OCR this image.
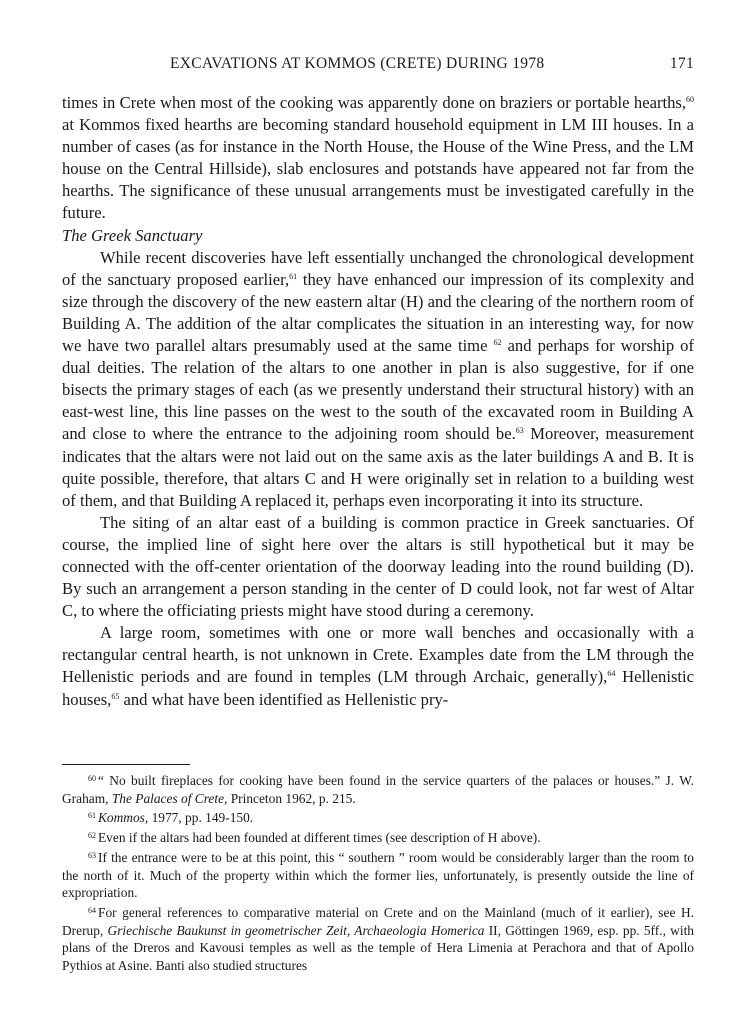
EXCAVATIONS AT KOMMOS (CRETE) DURING 1978	171

times in Crete when most of the cooking was apparently done on braziers or portable hearths,$^{60}$ at Kommos fixed hearths are becoming standard household equipment in LM III houses. In a number of cases (as for instance in the North House, the House of the Wine Press, and the LM house on the Central Hillside), slab enclosures and potstands have appeared not far from the hearths. The significance of these unusual arrangements must be investigated carefully in the future.

The Greek Sanctuary

While recent discoveries have left essentially unchanged the chronological development of the sanctuary proposed earlier,$^{61}$ they have enhanced our impression of its complexity and size through the discovery of the new eastern altar (H) and the clearing of the northern room of Building A. The addition of the altar complicates the situation in an interesting way, for now we have two parallel altars presumably used at the same time $^{62}$ and perhaps for worship of dual deities. The relation of the altars to one another in plan is also suggestive, for if one bisects the primary stages of each (as we presently understand their structural history) with an east-west line, this line passes on the west to the south of the excavated room in Building A and close to where the entrance to the adjoining room should be.$^{63}$ Moreover, measurement indicates that the altars were not laid out on the same axis as the later buildings A and B. It is quite possible, therefore, that altars C and H were originally set in relation to a building west of them, and that Building A replaced it, perhaps even incorporating it into its structure.

The siting of an altar east of a building is common practice in Greek sanctuaries. Of course, the implied line of sight here over the altars is still hypothetical but it may be connected with the off-center orientation of the doorway leading into the round building (D). By such an arrangement a person standing in the center of D could look, not far west of Altar C, to where the officiating priests might have stood during a ceremony.

A large room, sometimes with one or more wall benches and occasionally with a rectangular central hearth, is not unknown in Crete. Examples date from the LM through the Hellenistic periods and are found in temples (LM through Archaic, generally),$^{64}$ Hellenistic houses,$^{65}$ and what have been identified as Hellenistic pry-

$^{60}$ “ No built fireplaces for cooking have been found in the service quarters of the palaces or houses.” J. W. Graham, The Palaces of Crete, Princeton 1962, p. 215.

$^{61}$ Kommos, 1977, pp. 149-150.

$^{62}$ Even if the altars had been founded at different times (see description of H above).

$^{63}$ If the entrance were to be at this point, this “ southern ” room would be considerably larger than the room to the north of it. Much of the property within which the former lies, unfortunately, is presently outside the line of expropriation.

$^{64}$ For general references to comparative material on Crete and on the Mainland (much of it earlier), see H. Drerup, Griechische Baukunst in geometrischer Zeit, Archaeologia Homerica II, Göttingen 1969, esp. pp. 5ff., with plans of the Dreros and Kavousi temples as well as the temple of Hera Limenia at Perachora and that of Apollo Pythios at Asine. Banti also studied structures
